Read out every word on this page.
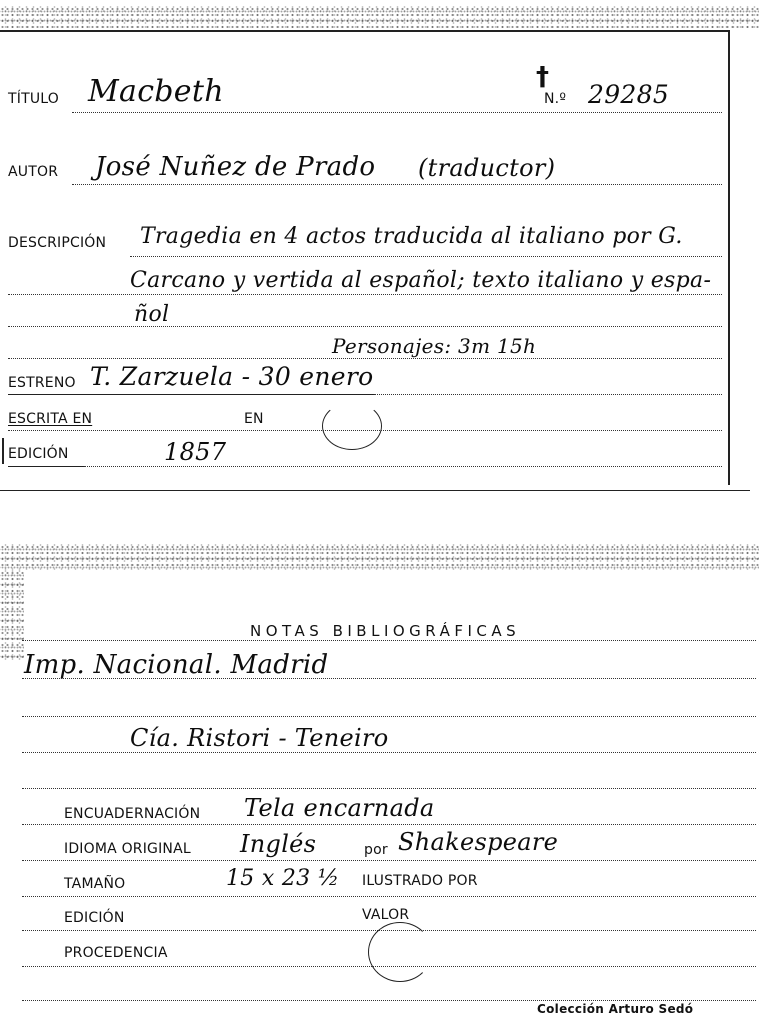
TÍTULO Macbeth	†
N.º 29285
AUTOR José Nuñez de Prado (traductor)
DESCRIPCIÓN Tragedia en 4 actos traducida al italiano por G.
Carcano y vertida al español; texto italiano y espa-
ñol
Personajes: 3m 15h
ESTRENO T. Zarzuela - 30 enero
ESCRITA EN	EN
EDICIÓN	1857
NOTAS BIBLIOGRÁFICAS
Imp. Nacional. Madrid
Cía. Ristori - Teneiro
ENCUADERNACIÓN Tela encarnada
IDIOMA ORIGINAL Inglés	por Shakespeare
TAMAÑO	15 x 23 ½ ILUSTRADO POR
EDICIÓN	VALOR
PROCEDENCIA
Colección Arturo Sedó
